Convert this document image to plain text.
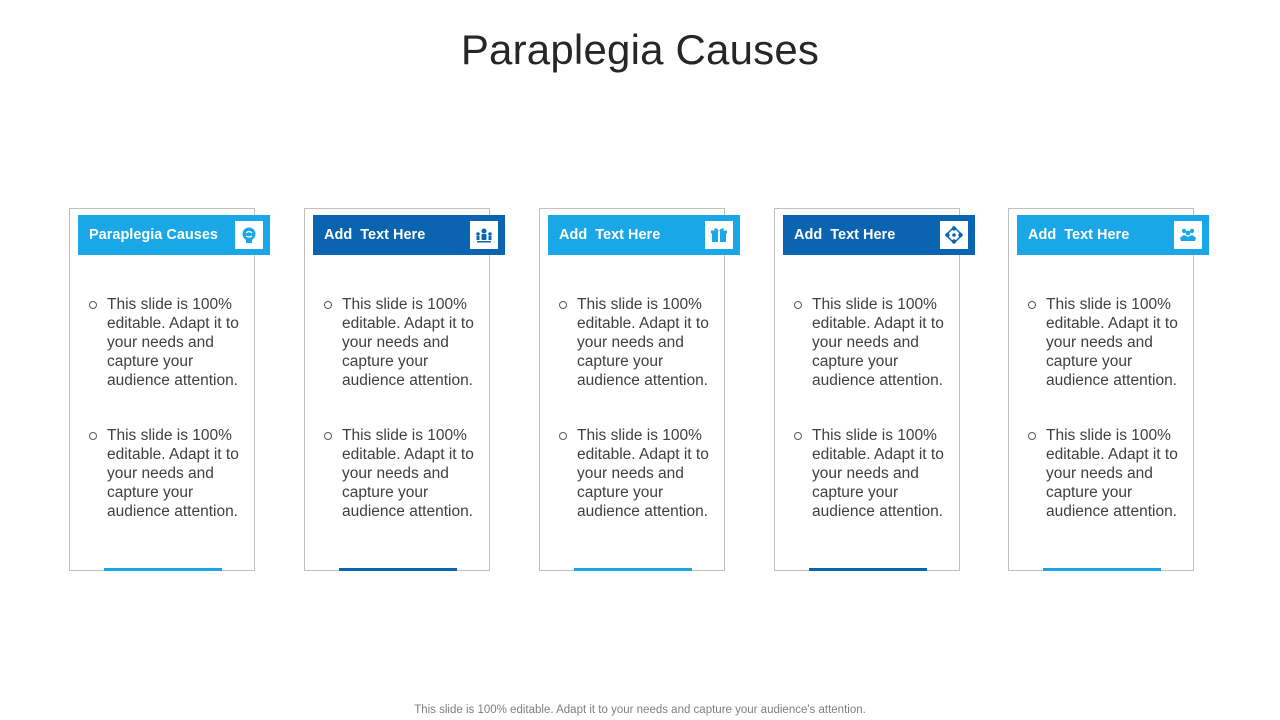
Paraplegia Causes
Paraplegia Causes
This slide is 100% editable. Adapt it to your needs and capture your audience attention.
This slide is 100% editable. Adapt it to your needs and capture your audience attention.
Add  Text Here
This slide is 100% editable. Adapt it to your needs and capture your audience attention.
This slide is 100% editable. Adapt it to your needs and capture your audience attention.
Add  Text Here
This slide is 100% editable. Adapt it to your needs and capture your audience attention.
This slide is 100% editable. Adapt it to your needs and capture your audience attention.
Add  Text Here
This slide is 100% editable. Adapt it to your needs and capture your audience attention.
This slide is 100% editable. Adapt it to your needs and capture your audience attention.
Add  Text Here
This slide is 100% editable. Adapt it to your needs and capture your audience attention.
This slide is 100% editable. Adapt it to your needs and capture your audience attention.
This slide is 100% editable. Adapt it to your needs and capture your audience's attention.
